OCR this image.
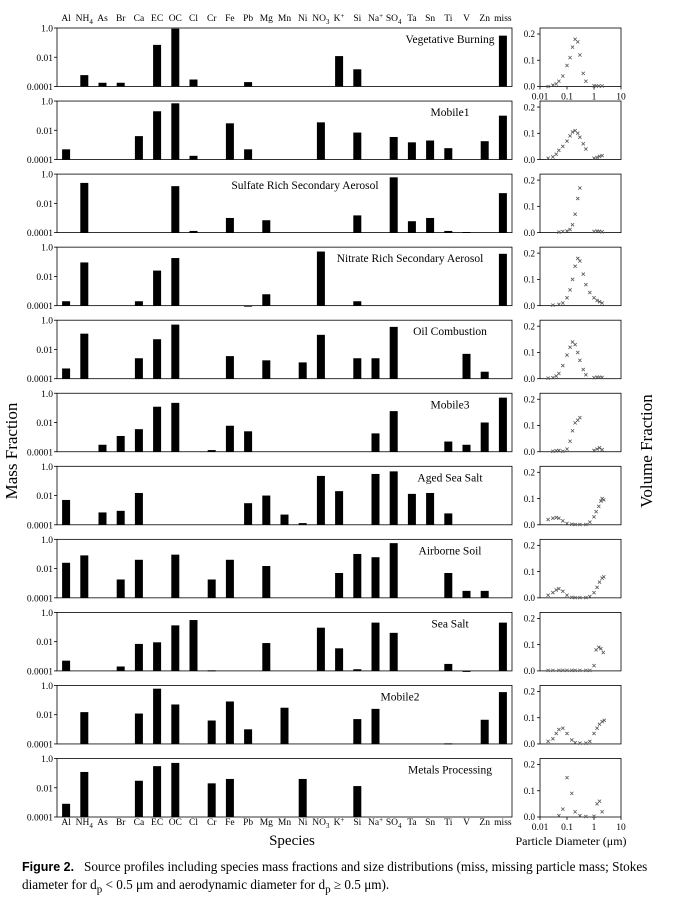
Al $NH_4$ As Br Ca EC OC Cl Cr Fe Pb Mg Mn Ni $NO_3$ K+ Si Na+ $SO_4$ Ta Sn Ti V Zn miss
Al $NH_4$ As Br Ca EC OC Cl Cr Fe Pb Mg Mn Ni $NO_3$ K+ Si Na+ $SO_4$ Ta Sn Ti V Zn miss
1.0
0.01
0.0001
Vegetative Burning	0.2
0.1
0.0
0.01 0.1 1 10
1.0
0.01
0.0001
Mobile1	0.2
0.1
0.0
1.0
0.01
0.0001
Sulfate Rich Secondary Aerosol	0.2
0.1
0.0
1.0
0.01
0.0001
Nitrate Rich Secondary Aerosol	0.2
0.1
0.0
1.0
0.01
0.0001
Oil Combustion	0.2
0.1
0.0
1.0
0.01
0.0001
Mobile3	0.2
0.1
0.0
1.0
0.01
0.0001
Aged Sea Salt	0.2
0.1
0.0
1.0
0.01
0.0001
Airborne Soil	0.2
0.1
0.0
1.0
0.01
0.0001
Sea Salt	0.2
0.1
0.0
1.0
0.01
0.0001
Mobile2	0.2
0.1
0.0
1.0
0.01
0.0001
Metals Processing	0.2
0.1
0.0
0.01 0.1 1 10
Mass Fraction	Volume Fraction
Species	Particle Diameter (μm)
Figure 2. Source profiles including species mass fractions and size distributions (miss, missing particle mass; Stokes diameter for $d_p < 0.5$ μm and aerodynamic diameter for $d_p \ge 0.5$ μm).
